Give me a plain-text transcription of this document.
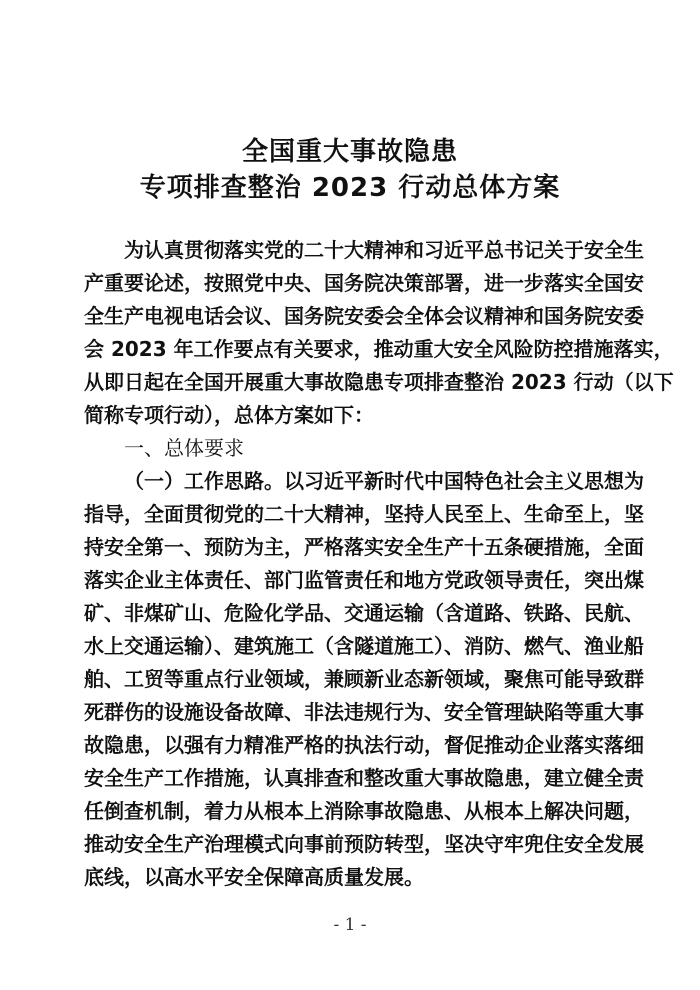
全国重大事故隐患
专项排查整治 2023 行动总体方案
为认真贯彻落实党的二十大精神和习近平总书记关于安全生
产重要论述，按照党中央、国务院决策部署，进一步落实全国安
全生产电视电话会议、国务院安委会全体会议精神和国务院安委
会 2023 年工作要点有关要求，推动重大安全风险防控措施落实，
从即日起在全国开展重大事故隐患专项排查整治 2023 行动（以下
简称专项行动），总体方案如下：
一、总体要求
（一）工作思路。以习近平新时代中国特色社会主义思想为
指导，全面贯彻党的二十大精神，坚持人民至上、生命至上，坚
持安全第一、预防为主，严格落实安全生产十五条硬措施，全面
落实企业主体责任、部门监管责任和地方党政领导责任，突出煤
矿、非煤矿山、危险化学品、交通运输（含道路、铁路、民航、
水上交通运输）、建筑施工（含隧道施工）、消防、燃气、渔业船
舶、工贸等重点行业领域，兼顾新业态新领域，聚焦可能导致群
死群伤的设施设备故障、非法违规行为、安全管理缺陷等重大事
故隐患，以强有力精准严格的执法行动，督促推动企业落实落细
安全生产工作措施，认真排查和整改重大事故隐患，建立健全责
任倒查机制，着力从根本上消除事故隐患、从根本上解决问题，
推动安全生产治理模式向事前预防转型，坚决守牢兜住安全发展
底线，以高水平安全保障高质量发展。
- 1 -
